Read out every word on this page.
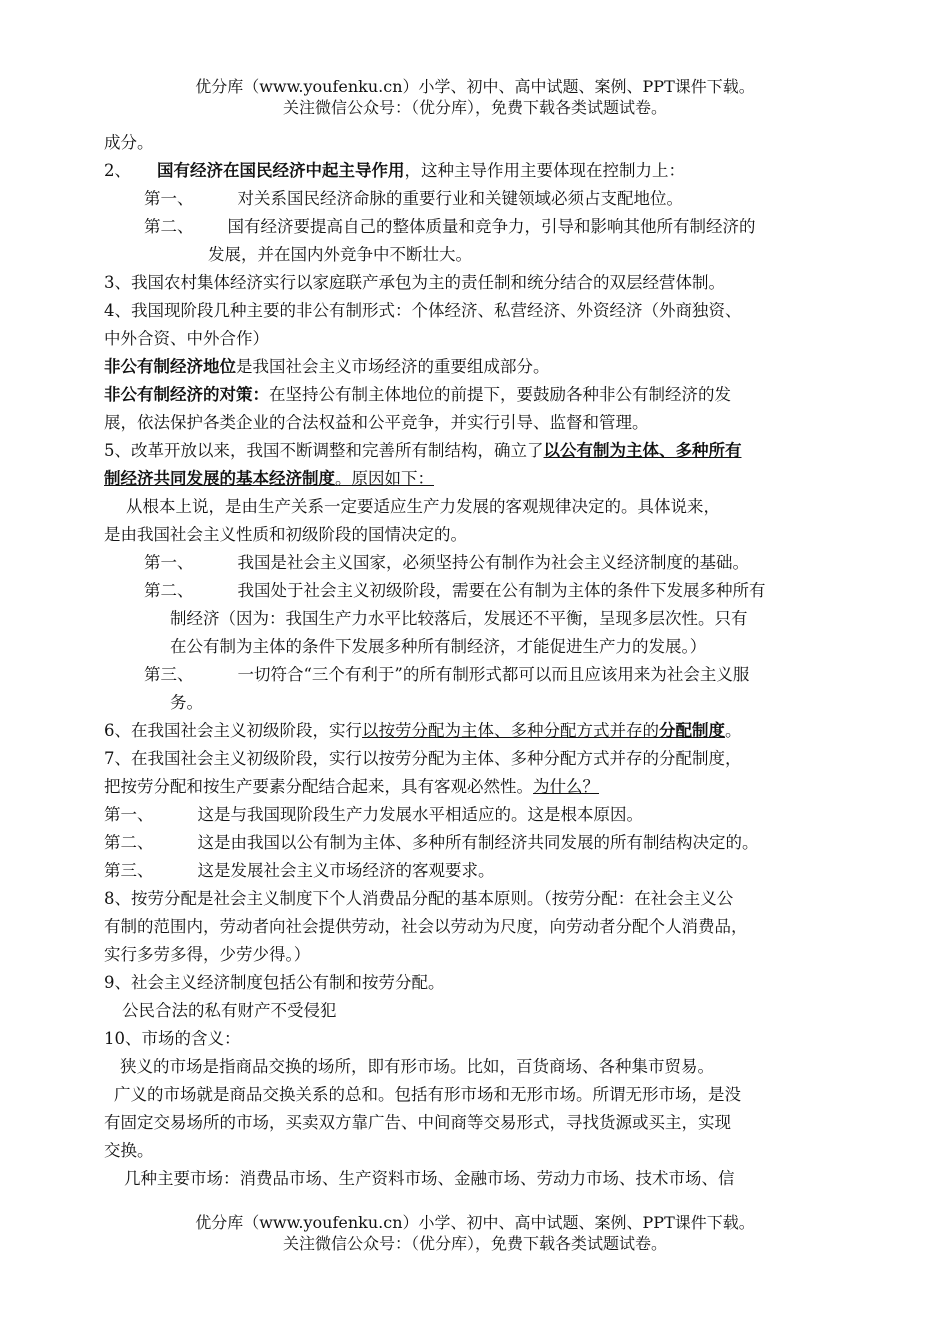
优分库（www.youfenku.cn）小学、初中、高中试题、案例、PPT课件下载。
关注微信公众号：（优分库），免费下载各类试题试卷。
成分。
2、 国有经济在国民经济中起主导作用，这种主导作用主要体现在控制力上：
第一、	对关系国民经济命脉的重要行业和关键领域必须占支配地位。
第二、 国有经济要提高自己的整体质量和竞争力，引导和影响其他所有制经济的
发展，并在国内外竞争中不断壮大。
3、我国农村集体经济实行以家庭联产承包为主的责任制和统分结合的双层经营体制。
4、我国现阶段几种主要的非公有制形式：个体经济、私营经济、外资经济（外商独资、
中外合资、中外合作）
非公有制经济地位是我国社会主义市场经济的重要组成部分。
非公有制经济的对策：在坚持公有制主体地位的前提下，要鼓励各种非公有制经济的发
展，依法保护各类企业的合法权益和公平竞争，并实行引导、监督和管理。
5、改革开放以来，我国不断调整和完善所有制结构，确立了以公有制为主体、多种所有
制经济共同发展的基本经济制度。原因如下：
从根本上说，是由生产关系一定要适应生产力发展的客观规律决定的。具体说来，
是由我国社会主义性质和初级阶段的国情决定的。
第一、	我国是社会主义国家，必须坚持公有制作为社会主义经济制度的基础。
第二、	我国处于社会主义初级阶段，需要在公有制为主体的条件下发展多种所有
制经济（因为：我国生产力水平比较落后，发展还不平衡，呈现多层次性。只有
在公有制为主体的条件下发展多种所有制经济，才能促进生产力的发展。）
第三、	一切符合“三个有利于”的所有制形式都可以而且应该用来为社会主义服
务。
6、在我国社会主义初级阶段，实行以按劳分配为主体、多种分配方式并存的分配制度。
7、在我国社会主义初级阶段，实行以按劳分配为主体、多种分配方式并存的分配制度，
把按劳分配和按生产要素分配结合起来，具有客观必然性。为什么？
第一、	这是与我国现阶段生产力发展水平相适应的。这是根本原因。
第二、	这是由我国以公有制为主体、多种所有制经济共同发展的所有制结构决定的。
第三、	这是发展社会主义市场经济的客观要求。
8、按劳分配是社会主义制度下个人消费品分配的基本原则。（按劳分配：在社会主义公
有制的范围内，劳动者向社会提供劳动，社会以劳动为尺度，向劳动者分配个人消费品，
实行多劳多得，少劳少得。）
9、社会主义经济制度包括公有制和按劳分配。
公民合法的私有财产不受侵犯
10、市场的含义：
狭义的市场是指商品交换的场所，即有形市场。比如，百货商场、各种集市贸易。
广义的市场就是商品交换关系的总和。包括有形市场和无形市场。所谓无形市场，是没
有固定交易场所的市场，买卖双方靠广告、中间商等交易形式，寻找货源或买主，实现
交换。
几种主要市场：消费品市场、生产资料市场、金融市场、劳动力市场、技术市场、信
优分库（www.youfenku.cn）小学、初中、高中试题、案例、PPT课件下载。
关注微信公众号：（优分库），免费下载各类试题试卷。
